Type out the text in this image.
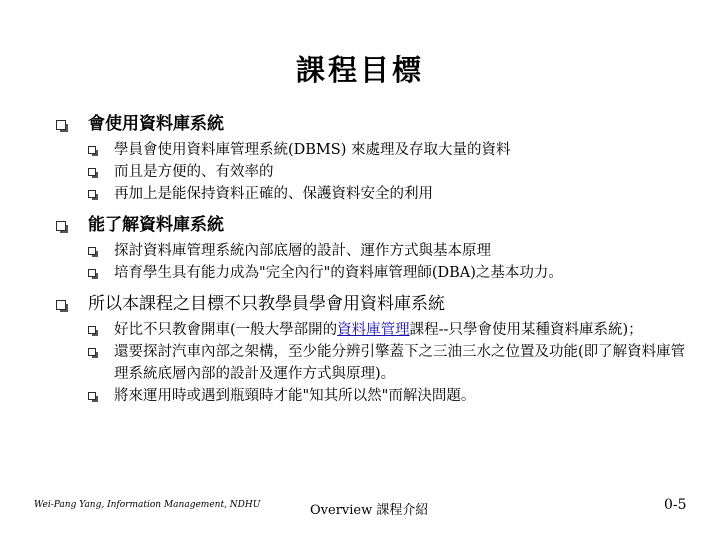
課程目標
會使用資料庫系統
學員會使用資料庫管理系統(DBMS) 來處理及存取大量的資料
而且是方便的、有效率的
再加上是能保持資料正確的、保護資料安全的利用
能了解資料庫系統
探討資料庫管理系統內部底層的設計、運作方式與基本原理
培育學生具有能力成為"完全內行"的資料庫管理師(DBA)之基本功力。
所以本課程之目標不只教學員學會用資料庫系統
好比不只教會開車(一般大學部開的資料庫管理課程--只學會使用某種資料庫系統)；
還要探討汽車內部之架構，至少能分辨引擎蓋下之三油三水之位置及功能(即了解資料庫管理系統底層內部的設計及運作方式與原理)。
將來運用時或遇到瓶頸時才能"知其所以然"而解決問題。
Wei-Pang Yang, Information Management, NDHU	Overview 課程介紹	0-5
